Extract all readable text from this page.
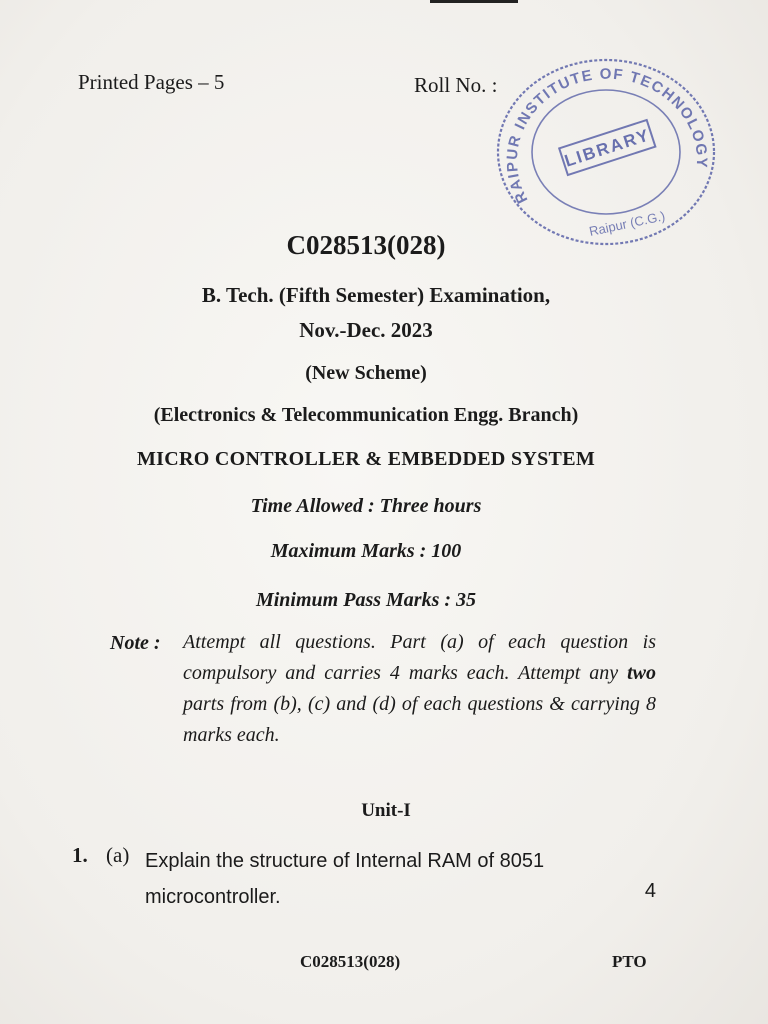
Printed Pages – 5	Roll No. :
RAIPUR INSTITUTE OF TECHNOLOGY
LIBRARY
Raipur (C.G.)
C028513(028)
B. Tech. (Fifth Semester) Examination,
Nov.-Dec. 2023
(New Scheme)
(Electronics & Telecommunication Engg. Branch)
MICRO CONTROLLER & EMBEDDED SYSTEM
Time Allowed : Three hours
Maximum Marks : 100
Minimum Pass Marks : 35
Note : Attempt all questions. Part (a) of each question is compulsory and carries 4 marks each. Attempt any two parts from (b), (c) and (d) of each questions & carrying 8 marks each.
Unit-I
1. (a) Explain the structure of Internal RAM of 8051 microcontroller.	4
C028513(028)	PTO
